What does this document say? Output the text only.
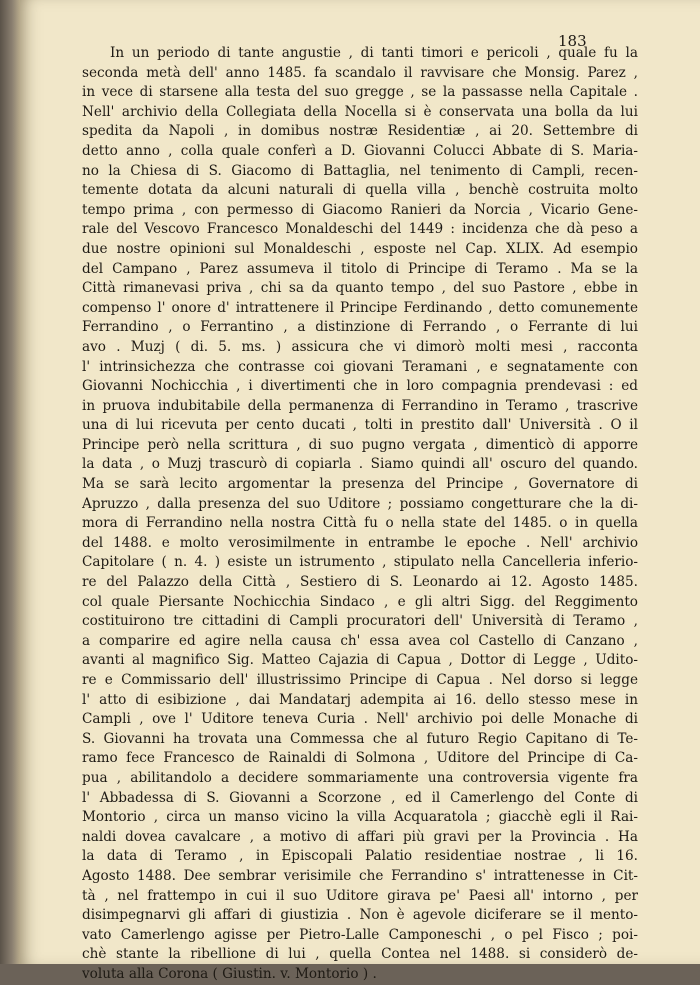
183
In un periodo di tante angustie , di tanti timori e pericoli , quale fu la
seconda metà dell' anno 1485. fa scandalo il ravvisare che Monsig. Parez ,
in vece di starsene alla testa del suo gregge , se la passasse nella Capitale .
Nell' archivio della Collegiata della Nocella si è conservata una bolla da lui
spedita da Napoli , in domibus nostræ Residentiæ , ai 20. Settembre di
detto anno , colla quale conferì a D. Giovanni Colucci Abbate di S. Maria-
no la Chiesa di S. Giacomo di Battaglia, nel tenimento di Campli, recen-
temente dotata da alcuni naturali di quella villa , benchè costruita molto
tempo prima , con permesso di Giacomo Ranieri da Norcia , Vicario Gene-
rale del Vescovo Francesco Monaldeschi del 1449 : incidenza che dà peso a
due nostre opinioni sul Monaldeschi , esposte nel Cap. XLIX. Ad esempio
del Campano , Parez assumeva il titolo di Principe di Teramo . Ma se la
Città rimanevasi priva , chi sa da quanto tempo , del suo Pastore , ebbe in
compenso l' onore d' intrattenere il Principe Ferdinando , detto comunemente
Ferrandino , o Ferrantino , a distinzione di Ferrando , o Ferrante di lui
avo . Muzj ( di. 5. ms. ) assicura che vi dimorò molti mesi , racconta
l' intrinsichezza che contrasse coi giovani Teramani , e segnatamente con
Giovanni Nochicchia , i divertimenti che in loro compagnia prendevasi : ed
in pruova indubitabile della permanenza di Ferrandino in Teramo , trascrive
una di lui ricevuta per cento ducati , tolti in prestito dall' Università . O il
Principe però nella scrittura , di suo pugno vergata , dimenticò di apporre
la data , o Muzj trascurò di copiarla . Siamo quindi all' oscuro del quando.
Ma se sarà lecito argomentar la presenza del Principe , Governatore di
Apruzzo , dalla presenza del suo Uditore ; possiamo congetturare che la di-
mora di Ferrandino nella nostra Città fu o nella state del 1485. o in quella
del 1488. e molto verosimilmente in entrambe le epoche . Nell' archivio
Capitolare ( n. 4. ) esiste un istrumento , stipulato nella Cancelleria inferio-
re del Palazzo della Città , Sestiero di S. Leonardo ai 12. Agosto 1485.
col quale Piersante Nochicchia Sindaco , e gli altri Sigg. del Reggimento
costituirono tre cittadini di Campli procuratori dell' Università di Teramo ,
a comparire ed agire nella causa ch' essa avea col Castello di Canzano ,
avanti al magnifico Sig. Matteo Cajazia di Capua , Dottor di Legge , Udito-
re e Commissario dell' illustrissimo Principe di Capua . Nel dorso si legge
l' atto di esibizione , dai Mandatarj adempita ai 16. dello stesso mese in
Campli , ove l' Uditore teneva Curia . Nell' archivio poi delle Monache di
S. Giovanni ha trovata una Commessa che al futuro Regio Capitano di Te-
ramo fece Francesco de Rainaldi di Solmona , Uditore del Principe di Ca-
pua , abilitandolo a decidere sommariamente una controversia vigente fra
l' Abbadessa di S. Giovanni a Scorzone , ed il Camerlengo del Conte di
Montorio , circa un manso vicino la villa Acquaratola ; giacchè egli il Rai-
naldi dovea cavalcare , a motivo di affari più gravi per la Provincia . Ha
la data di Teramo , in Episcopali Palatio residentiae nostrae , li 16.
Agosto 1488. Dee sembrar verisimile che Ferrandino s' intrattenesse in Cit-
tà , nel frattempo in cui il suo Uditore girava pe' Paesi all' intorno , per
disimpegnarvi gli affari di giustizia . Non è agevole diciferare se il mento-
vato Camerlengo agisse per Pietro-Lalle Camponeschi , o pel Fisco ; poi-
chè stante la ribellione di lui , quella Contea nel 1488. si considerò de-
voluta alla Corona ( Giustin. v. Montorio ) .
